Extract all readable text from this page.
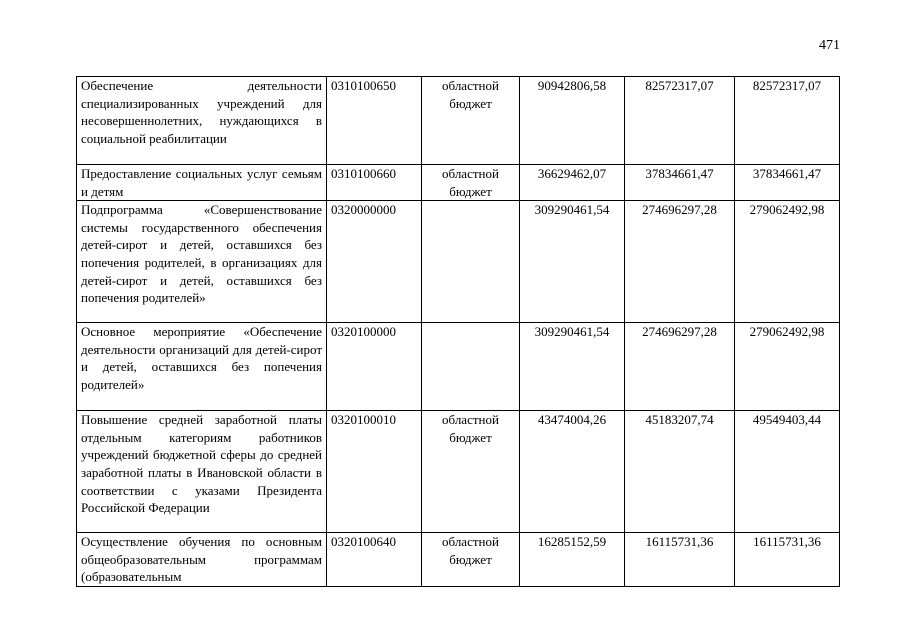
471
Обеспечение деятельности специализированных учреждений для несовершеннолетних, нуждающихся в социальной реабилитации	0310100650	областной бюджет	90942806,58	82572317,07	82572317,07
Предоставление социальных услуг семьям и детям	0310100660	областной бюджет	36629462,07	37834661,47	37834661,47
Подпрограмма «Совершенствование системы государственного обеспечения детей-сирот и детей, оставшихся без попечения родителей, в организациях для детей-сирот и детей, оставшихся без попечения родителей»	0320000000		309290461,54	274696297,28	279062492,98
Основное мероприятие «Обеспечение деятельности организаций для детей-сирот и детей, оставшихся без попечения родителей»	0320100000		309290461,54	274696297,28	279062492,98
Повышение средней заработной платы отдельным категориям работников учреждений бюджетной сферы до средней заработной платы в Ивановской области в соответствии с указами Президента Российской Федерации	0320100010	областной бюджет	43474004,26	45183207,74	49549403,44
Осуществление обучения по основным общеобразовательным программам (образовательным	0320100640	областной бюджет	16285152,59	16115731,36	16115731,36
